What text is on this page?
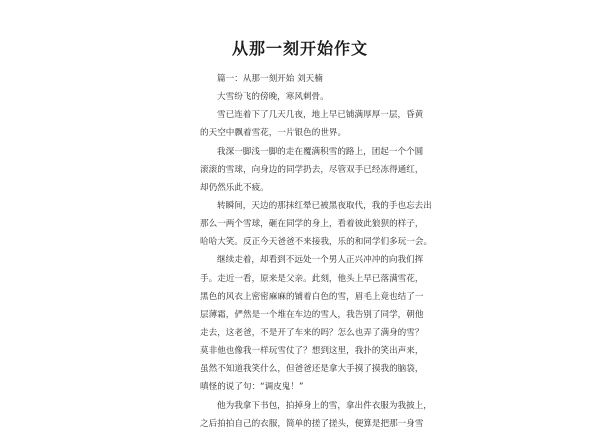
从那一刻开始作文
篇一：从那一刻开始 刘天楠
大雪纷飞的傍晚，寒风刺骨。
雪已连着下了几天几夜，地上早已铺满厚厚一层，昏黄
的天空中飘着雪花，一片银色的世界。
我深一脚浅一脚的走在覆满积雪的路上，团起一个个圆
滚滚的雪球，向身边的同学扔去，尽管双手已经冻得通红，
却仍然乐此不疲。
转瞬间，天边的那抹红晕已被黑夜取代，我的手也忘去出
那么一两个雪球，砸在同学的身上，看着彼此狼狈的样子，
哈哈大笑。反正今天爸爸不来接我，乐的和同学们多玩一会。
继续走着，却看到不远处一个男人正兴冲冲的向我们挥
手。走近一看，原来是父亲。此刻，他头上早已落满雪花，
黑色的风衣上密密麻麻的铺着白色的雪，眉毛上竟也结了一
层薄霜，俨然是一个堆在车边的雪人，我告别了同学，朝他
走去，这老爸，不是开了车来的吗？怎么也弄了满身的雪？
莫非他也像我一样玩雪仗了？想到这里，我扑的笑出声来，
虽然不知道我笑什么，但爸爸还是拿大手摸了摸我的脑袋，
嗔怪的说了句：“调皮鬼！”
他为我拿下书包，拍掉身上的雪，拿出件衣服为我披上，
之后拍拍自己的衣服，简单的搓了搓头，便算是把那一身雪
